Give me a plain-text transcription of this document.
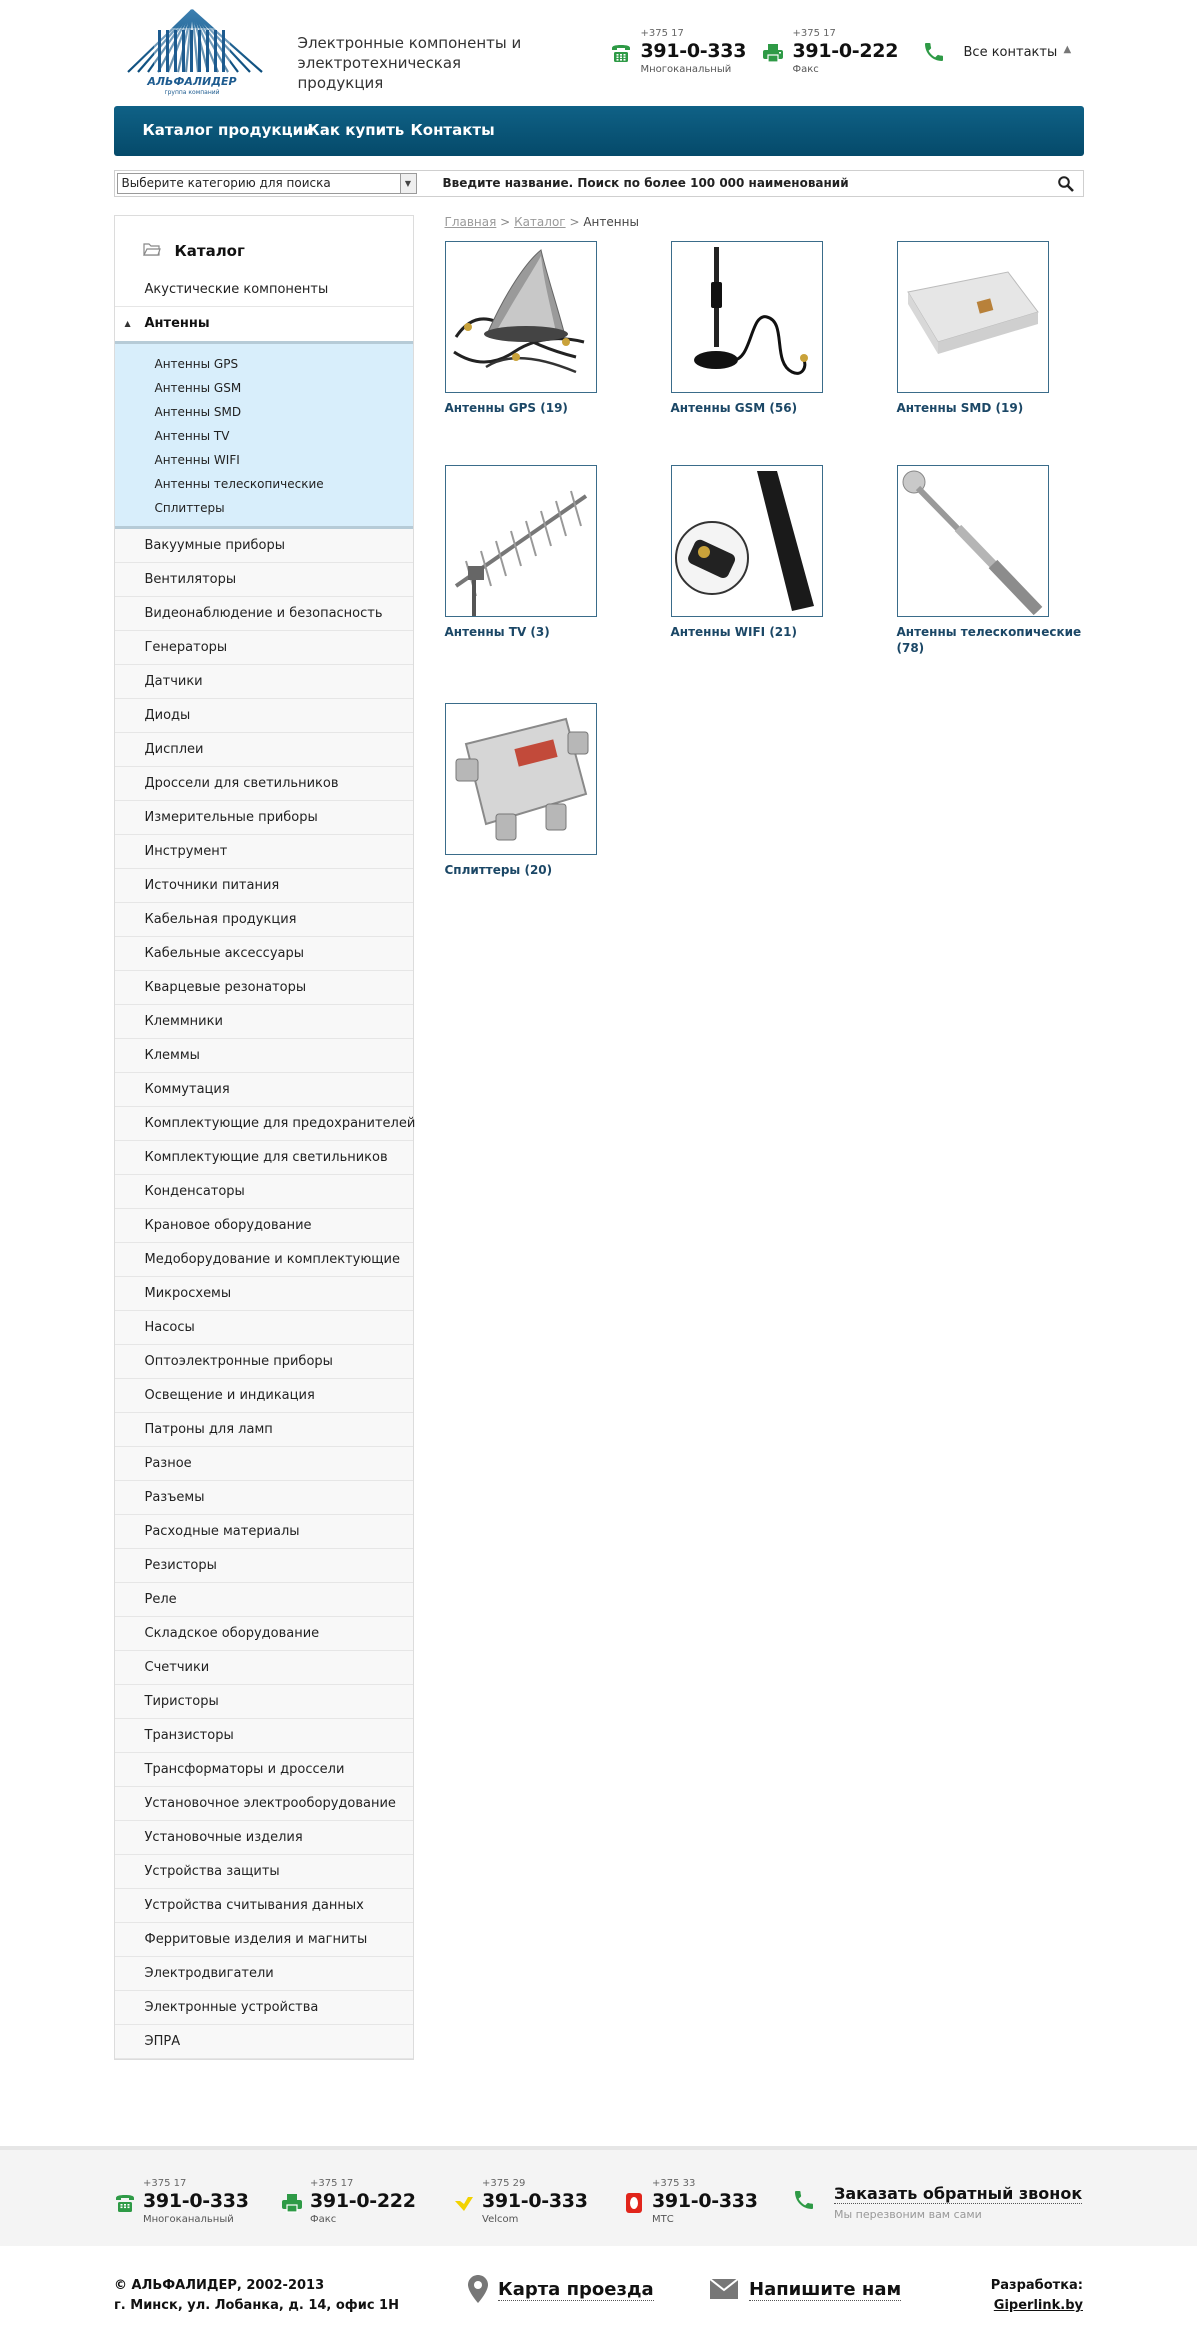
АЛЬФАЛИДЕР
группа компаний
Электронные компоненты и электротехническая продукция
+375 17
391-0-333
Многоканальный
+375 17
391-0-222
Факс
Все контакты ▲
Каталог продукции
Как купить Контакты
Выберите категорию для поиска	▼	Введите название. Поиск по более 100 000 наименований
Каталог
Акустические компоненты
▲ Антенны
Антенны GPS
Антенны GSM
Антенны SMD
Антенны TV
Антенны WIFI
Антенны телескопические
Сплиттеры
Вакуумные приборы
Вентиляторы
Видеонаблюдение и безопасность
Генераторы
Датчики
Диоды
Дисплеи
Дроссели для светильников
Измерительные приборы
Инструмент
Источники питания
Кабельная продукция
Кабельные аксессуары
Кварцевые резонаторы
Клеммники
Клеммы
Коммутация
Комплектующие для предохранителей
Комплектующие для светильников
Конденсаторы
Крановое оборудование
Медоборудование и комплектующие
Микросхемы
Насосы
Оптоэлектронные приборы
Освещение и индикация
Патроны для ламп
Разное
Разъемы
Расходные материалы
Резисторы
Реле
Складское оборудование
Счетчики
Тиристоры
Транзисторы
Трансформаторы и дроссели
Установочное электрооборудование
Установочные изделия
Устройства защиты
Устройства считывания данных
Ферритовые изделия и магниты
Электродвигатели
Электронные устройства
ЭПРА
Главная > Каталог > Антенны
Антенны GPS (19)	Антенны GSM (56)	Антенны SMD (19)
Антенны TV (3)	Антенны WIFI (21)	Антенны телескопические (78)
Сплиттеры (20)
+375 17
391-0-333
Многоканальный
+375 17
391-0-222
Факс
+375 29
391-0-333
Velcom
+375 33
391-0-333
МТС
Заказать обратный звонок
Мы перезвоним вам сами
© АЛЬФАЛИДЕР, 2002-2013
г. Минск, ул. Лобанка, д. 14, офис 1Н
Карта проезда	Напишите нам	Разработка:
Giperlink.by
